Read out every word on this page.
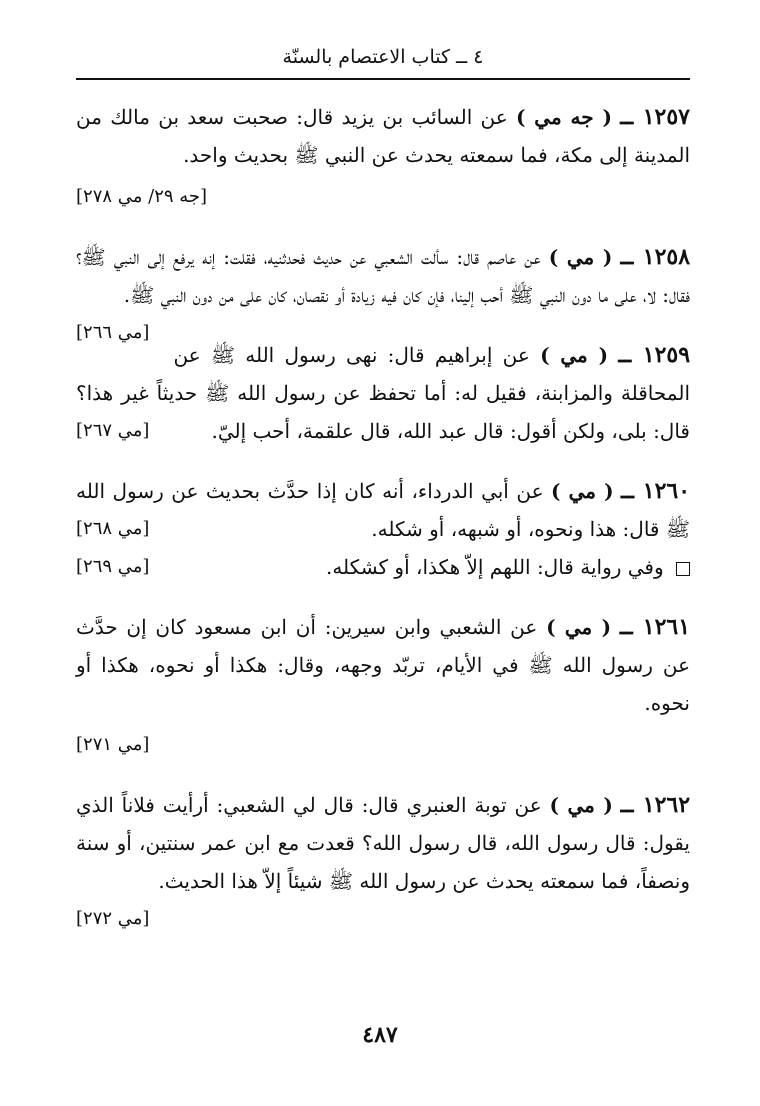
٤ ــ كتاب الاعتصام بالسنّة

١٢٥٧ ــ ( جه مي ) عن السائب بن يزيد قال: صحبت سعد بن مالك من المدينة إلى مكة، فما سمعته يحدث عن النبي ﷺ بحديث واحد.

[جه ٢٩/ مي ٢٧٨]

١٢٥٨ ــ ( مي ) عن عاصم قال: سألت الشعبي عن حديث فحدثنيه، فقلت: إنه يرفع إلى النبي ﷺ؟ فقال: لا، على ما دون النبي ﷺ أحب إلينا، فإن كان فيه زيادة أو نقصان، كان على من دون النبي ﷺ.
[مي ٢٦٦]

١٢٥٩ ــ ( مي ) عن إبراهيم قال: نهى رسول الله ﷺ عن المحاقلة والمزابنة، فقيل له: أما تحفظ عن رسول الله ﷺ حديثاً غير هذا؟ قال: بلى، ولكن أقول: قال عبد الله، قال علقمة، أحب إليّ.
[مي ٢٦٧]

١٢٦٠ ــ ( مي ) عن أبي الدرداء، أنه كان إذا حدَّث بحديث عن رسول الله ﷺ قال: هذا ونحوه، أو شبهه، أو شكله.
[مي ٢٦٨]

وفي رواية قال: اللهم إلاّ هكذا، أو كشكله.
[مي ٢٦٩]

١٢٦١ ــ ( مي ) عن الشعبي وابن سيرين: أن ابن مسعود كان إن حدَّث عن رسول الله ﷺ في الأيام، تربّد وجهه، وقال: هكذا أو نحوه، هكذا أو نحوه.

[مي ٢٧١]

١٢٦٢ ــ ( مي ) عن توبة العنبري قال: قال لي الشعبي: أرأيت فلاناً الذي يقول: قال رسول الله، قال رسول الله؟ قعدت مع ابن عمر سنتين، أو سنة ونصفاً، فما سمعته يحدث عن رسول الله ﷺ شيئاً إلاّ هذا الحديث.
[مي ٢٧٢]

٤٨٧
